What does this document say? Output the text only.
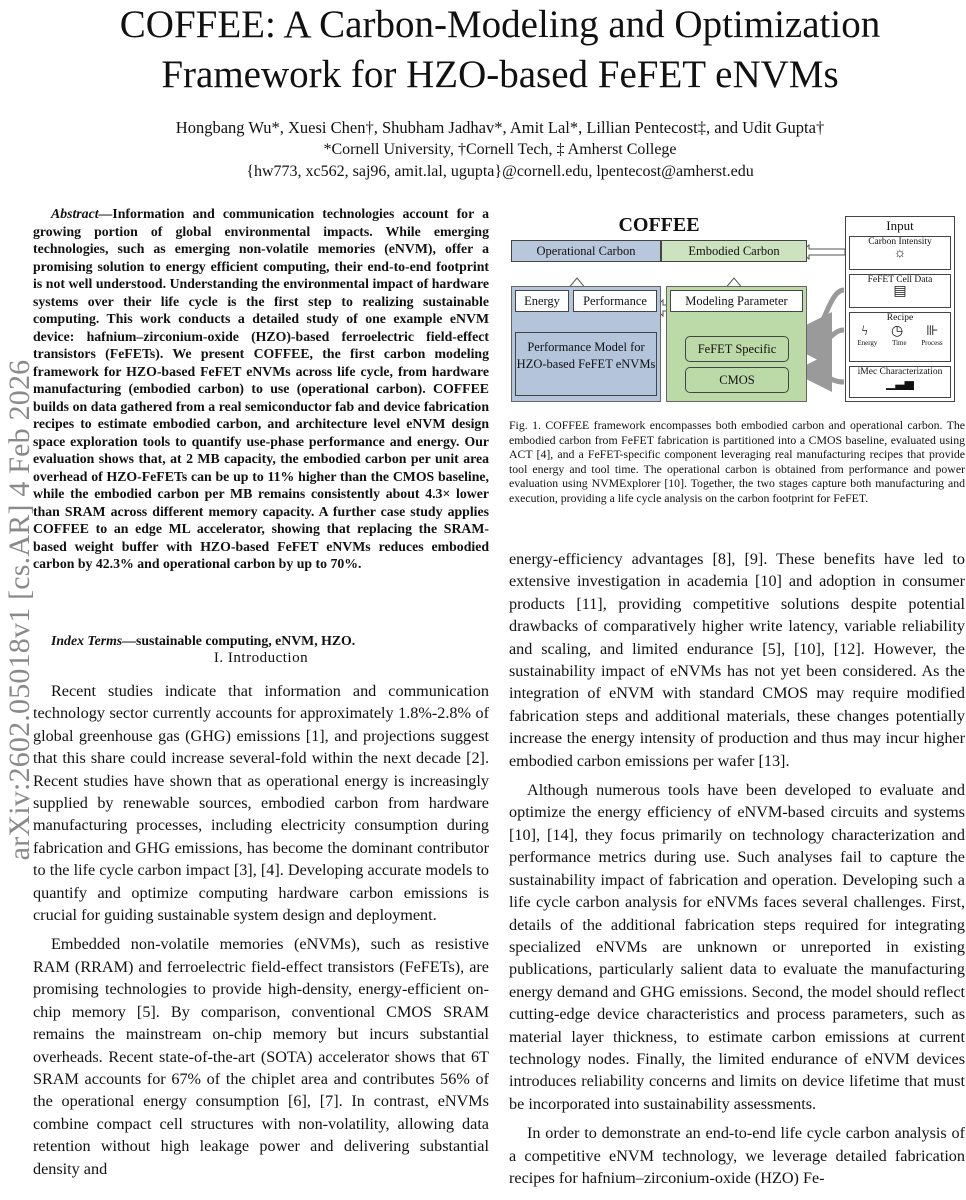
arXiv:2602.05018v1 [cs.AR] 4 Feb 2026
COFFEE: A Carbon-Modeling and Optimization Framework for HZO-based FeFET eNVMs
Hongbang Wu*, Xuesi Chen†, Shubham Jadhav*, Amit Lal*, Lillian Pentecost‡, and Udit Gupta†
*Cornell University, †Cornell Tech, ‡ Amherst College
{hw773, xc562, saj96, amit.lal, ugupta}@cornell.edu, lpentecost@amherst.edu

Abstract—Information and communication technologies account for a growing portion of global environmental impacts. While emerging technologies, such as emerging non-volatile memories (eNVM), offer a promising solution to energy efficient computing, their end-to-end footprint is not well understood. Understanding the environmental impact of hardware systems over their life cycle is the first step to realizing sustainable computing. This work conducts a detailed study of one example eNVM device: hafnium–zirconium-oxide (HZO)-based ferroelectric field-effect transistors (FeFETs). We present COFFEE, the first carbon modeling framework for HZO-based FeFET eNVMs across life cycle, from hardware manufacturing (embodied carbon) to use (operational carbon). COFFEE builds on data gathered from a real semiconductor fab and device fabrication recipes to estimate embodied carbon, and architecture level eNVM design space exploration tools to quantify use-phase performance and energy. Our evaluation shows that, at 2 MB capacity, the embodied carbon per unit area overhead of HZO-FeFETs can be up to 11% higher than the CMOS baseline, while the embodied carbon per MB remains consistently about 4.3× lower than SRAM across different memory capacity. A further case study applies COFFEE to an edge ML accelerator, showing that replacing the SRAM-based weight buffer with HZO-based FeFET eNVMs reduces embodied carbon by 42.3% and operational carbon by up to 70%.

Index Terms—sustainable computing, eNVM, HZO.

I. Introduction

Recent studies indicate that information and communication technology sector currently accounts for approximately 1.8%-2.8% of global greenhouse gas (GHG) emissions [1], and projections suggest that this share could increase several-fold within the next decade [2]. Recent studies have shown that as operational energy is increasingly supplied by renewable sources, embodied carbon from hardware manufacturing processes, including electricity consumption during fabrication and GHG emissions, has become the dominant contributor to the life cycle carbon impact [3], [4]. Developing accurate models to quantify and optimize computing hardware carbon emissions is crucial for guiding sustainable system design and deployment.

Embedded non-volatile memories (eNVMs), such as resistive RAM (RRAM) and ferroelectric field-effect transistors (FeFETs), are promising technologies to provide high-density, energy-efficient on-chip memory [5]. By comparison, conventional CMOS SRAM remains the mainstream on-chip memory but incurs substantial overheads. Recent state-of-the-art (SOTA) accelerator shows that 6T SRAM accounts for 67% of the chiplet area and contributes 56% of the operational energy consumption [6], [7]. In contrast, eNVMs combine compact cell structures with non-volatility, allowing data retention without high leakage power and delivering substantial density and

COFFEE
Operational Carbon	Embodied Carbon
Energy	Performance	Modeling Parameter
Performance Model for HZO-based FeFET eNVMs
FeFET Specific
CMOS
Input
Carbon Intensity
☼
FeFET Cell Data
▤
Recipe
ϟ ◷ ⊪
Energy Time Process
iMec Characterization
▁▃▅
Fig. 1. COFFEE framework encompasses both embodied carbon and operational carbon. The embodied carbon from FeFET fabrication is partitioned into a CMOS baseline, evaluated using ACT [4], and a FeFET-specific component leveraging real manufacturing recipes that provide tool energy and tool time. The operational carbon is obtained from performance and power evaluation using NVMExplorer [10]. Together, the two stages capture both manufacturing and execution, providing a life cycle analysis on the carbon footprint for FeFET.

energy-efficiency advantages [8], [9]. These benefits have led to extensive investigation in academia [10] and adoption in consumer products [11], providing competitive solutions despite potential drawbacks of comparatively higher write latency, variable reliability and scaling, and limited endurance [5], [10], [12]. However, the sustainability impact of eNVMs has not yet been considered. As the integration of eNVM with standard CMOS may require modified fabrication steps and additional materials, these changes potentially increase the energy intensity of production and thus may incur higher embodied carbon emissions per wafer [13].

Although numerous tools have been developed to evaluate and optimize the energy efficiency of eNVM-based circuits and systems [10], [14], they focus primarily on technology characterization and performance metrics during use. Such analyses fail to capture the sustainability impact of fabrication and operation. Developing such a life cycle carbon analysis for eNVMs faces several challenges. First, details of the additional fabrication steps required for integrating specialized eNVMs are unknown or unreported in existing publications, particularly salient data to evaluate the manufacturing energy demand and GHG emissions. Second, the model should reflect cutting-edge device characteristics and process parameters, such as material layer thickness, to estimate carbon emissions at current technology nodes. Finally, the limited endurance of eNVM devices introduces reliability concerns and limits on device lifetime that must be incorporated into sustainability assessments.

In order to demonstrate an end-to-end life cycle carbon analysis of a competitive eNVM technology, we leverage detailed fabrication recipes for hafnium–zirconium-oxide (HZO) Fe-
